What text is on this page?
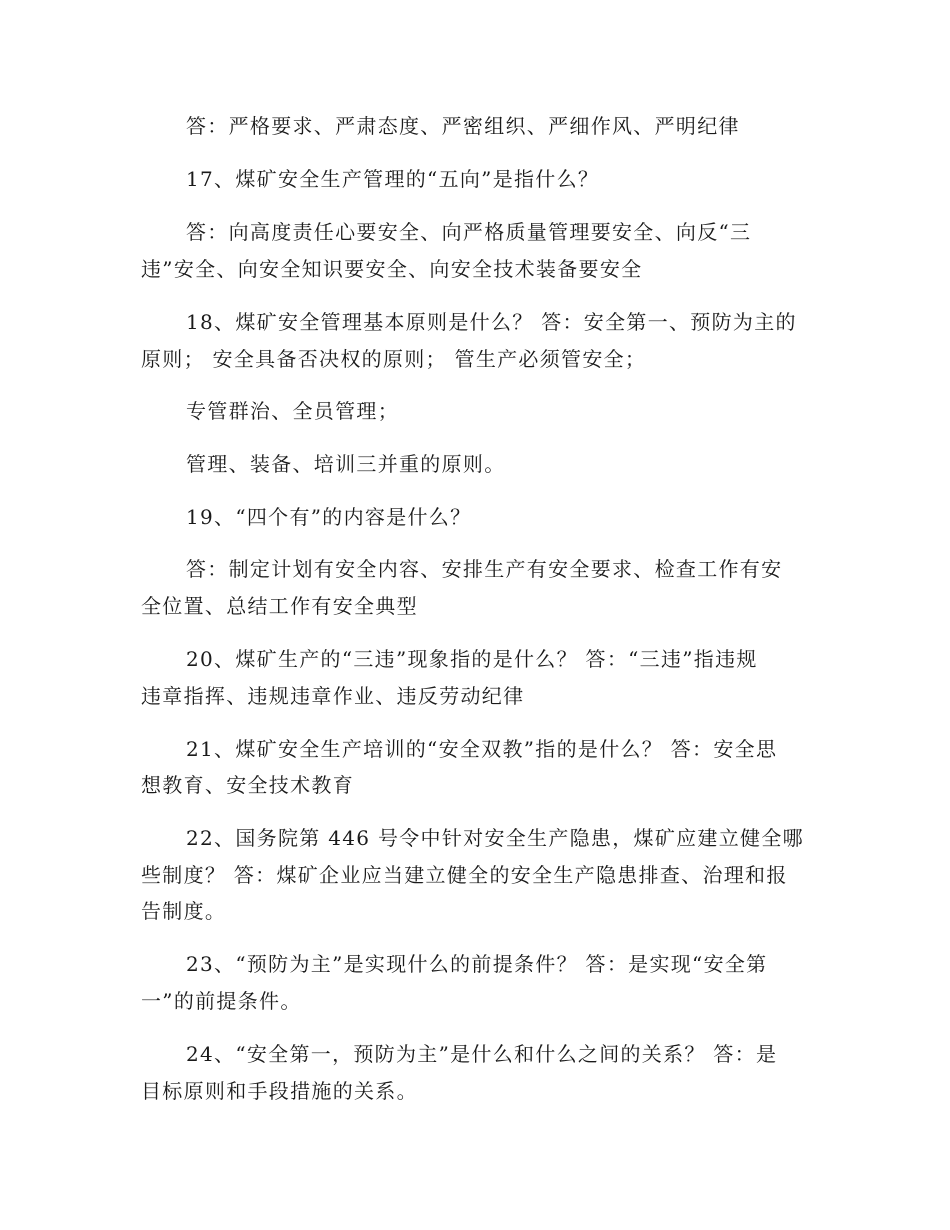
答：严格要求、严肃态度、严密组织、严细作风、严明纪律
17、煤矿安全生产管理的“五向”是指什么？
答：向高度责任心要安全、向严格质量管理要安全、向反“三
违”安全、向安全知识要安全、向安全技术装备要安全
18、煤矿安全管理基本原则是什么？ 答：安全第一、预防为主的
原则； 安全具备否决权的原则； 管生产必须管安全；
专管群治、全员管理；
管理、装备、培训三并重的原则。
19、“四个有”的内容是什么？
答：制定计划有安全内容、安排生产有安全要求、检查工作有安
全位置、总结工作有安全典型
20、煤矿生产的“三违”现象指的是什么？ 答：“三违”指违规
违章指挥、违规违章作业、违反劳动纪律
21、煤矿安全生产培训的“安全双教”指的是什么？ 答：安全思
想教育、安全技术教育
22、国务院第 446 号令中针对安全生产隐患，煤矿应建立健全哪
些制度？ 答：煤矿企业应当建立健全的安全生产隐患排查、治理和报
告制度。
23、“预防为主”是实现什么的前提条件？ 答：是实现“安全第
一”的前提条件。
24、“安全第一，预防为主”是什么和什么之间的关系？ 答：是
目标原则和手段措施的关系。
